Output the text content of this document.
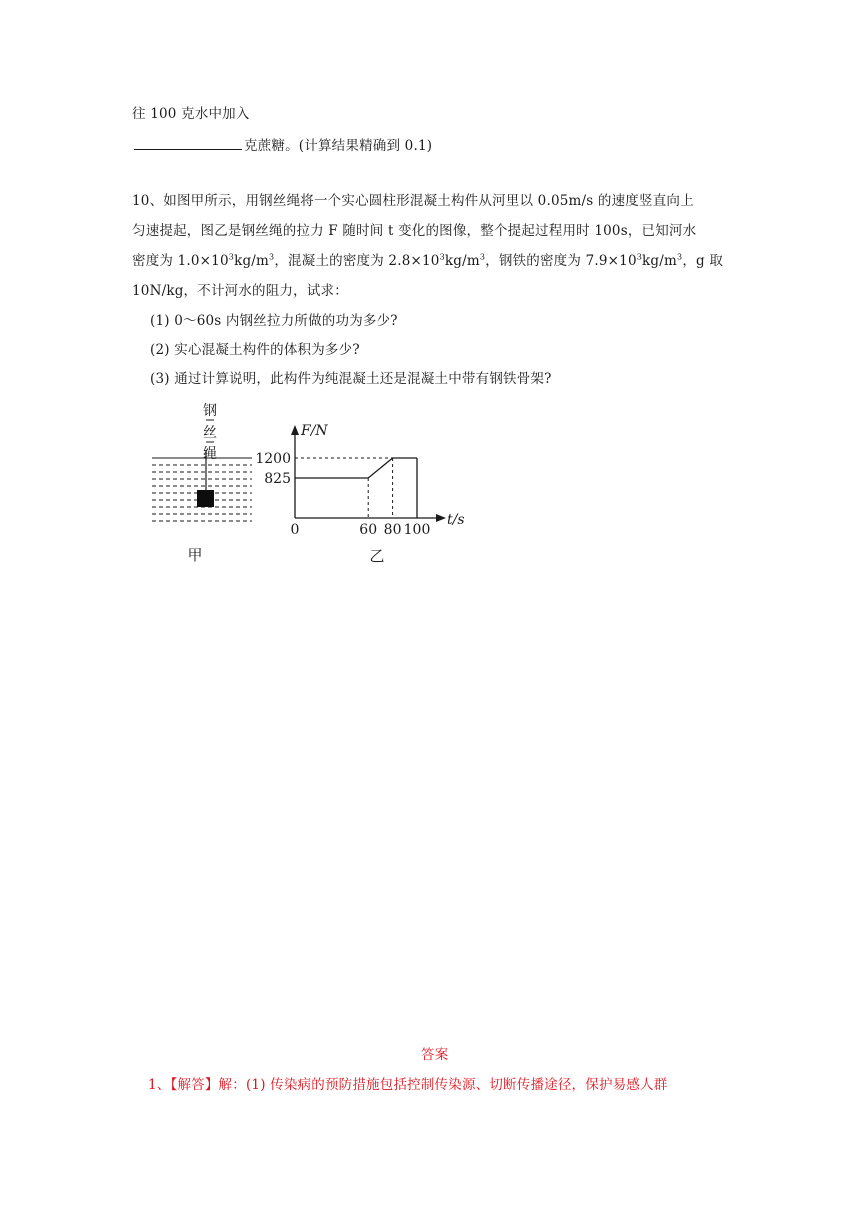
往 100 克水中加入
克蔗糖。(计算结果精确到 0.1)
10、如图甲所示，用钢丝绳将一个实心圆柱形混凝土构件从河里以 0.05m/s 的速度竖直向上
匀速提起，图乙是钢丝绳的拉力 F 随时间 t 变化的图像，整个提起过程用时 100s，已知河水
密度为 $1.0\times 10^3kg/m^3$，混凝土的密度为 $2.8\times 10^3kg/m^3$，钢铁的密度为 $7.9\times 10^3kg/m^3$，g 取
10N/kg，不计河水的阻力，试求：
(1) 0～60s 内钢丝拉力所做的功为多少?
(2) 实心混凝土构件的体积为多少?
(3) 通过计算说明，此构件为纯混凝土还是混凝土中带有钢铁骨架?
钢
丝
绳
甲
F/N
t/s
1200
825
0	60 80 100
乙
答案
1、【解答】解：(1) 传染病的预防措施包括控制传染源、切断传播途径，保护易感人群
